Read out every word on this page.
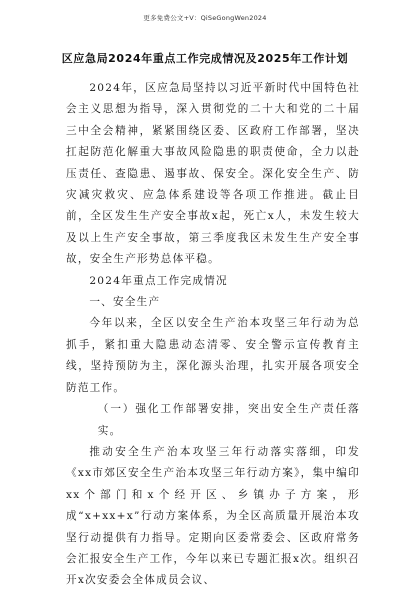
更多免费公文+V：QiSeGongWen2024
区应急局2024年重点工作完成情况及2025年工作计划

2024年，区应急局坚持以习近平新时代中国特色社会主义思想为指导，深入贯彻党的二十大和党的二十届三中全会精神，紧紧围绕区委、区政府工作部署，坚决扛起防范化解重大事故风险隐患的职责使命，全力以赴压责任、查隐患、遏事故、保安全。深化安全生产、防灾减灾救灾、应急体系建设等各项工作推进。截止目前，全区发生生产安全事故x起，死亡x人，未发生较大及以上生产安全事故，第三季度我区未发生生产安全事故，安全生产形势总体平稳。

2024年重点工作完成情况

一、安全生产

今年以来，全区以安全生产治本攻坚三年行动为总抓手，紧扣重大隐患动态清零、安全警示宣传教育主线，坚持预防为主，深化源头治理，扎实开展各项安全防范工作。

（一）强化工作部署安排，突出安全生产责任落实。

推动安全生产治本攻坚三年行动落实落细，印发《xx市郊区安全生产治本攻坚三年行动方案》，集中编印xx个部门和x个经开区、乡镇办子方案，形成“x+xx+x”行动方案体系，为全区高质量开展治本攻坚行动提供有力指导。定期向区委常委会、区政府常务会汇报安全生产工作，今年以来已专题汇报x次。组织召开x次安委会全体成员会议、
